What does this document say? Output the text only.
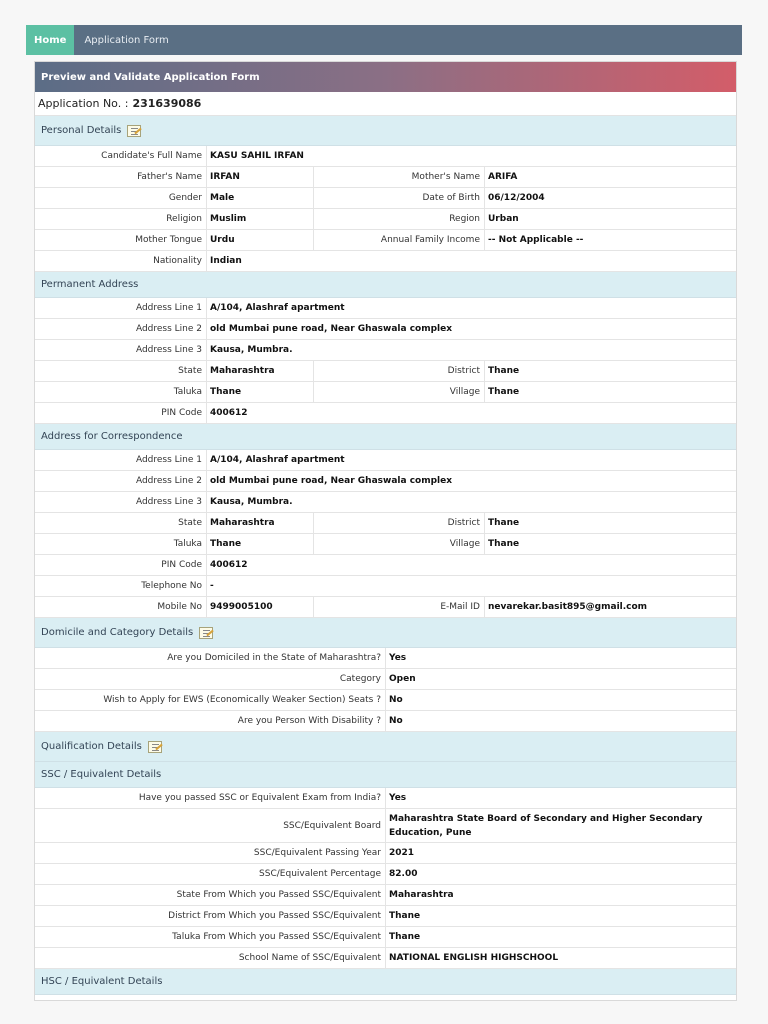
Home	Application Form
Preview and Validate Application Form
Application No. : 231639086
Personal Details
Candidate's Full Name KASU SAHIL IRFAN
Father's Name IRFAN	Mother's Name ARIFA
Gender Male	Date of Birth 06/12/2004
Religion Muslim	Region Urban
Mother Tongue Urdu	Annual Family Income -- Not Applicable --
Nationality Indian
Permanent Address
Address Line 1 A/104, Alashraf apartment
Address Line 2 old Mumbai pune road, Near Ghaswala complex
Address Line 3 Kausa, Mumbra.
State Maharashtra	District Thane
Taluka Thane	Village Thane
PIN Code 400612
Address for Correspondence
Address Line 1 A/104, Alashraf apartment
Address Line 2 old Mumbai pune road, Near Ghaswala complex
Address Line 3 Kausa, Mumbra.
State Maharashtra	District Thane
Taluka Thane	Village Thane
PIN Code 400612
Telephone No -
Mobile No 9499005100	E-Mail ID nevarekar.basit895@gmail.com
Domicile and Category Details
Are you Domiciled in the State of Maharashtra? Yes
Category Open
Wish to Apply for EWS (Economically Weaker Section) Seats ? No
Are you Person With Disability ? No
Qualification Details
SSC / Equivalent Details
Have you passed SSC or Equivalent Exam from India? Yes
SSC/Equivalent Board
Maharashtra State Board of Secondary and Higher Secondary Education, Pune
SSC/Equivalent Passing Year 2021
SSC/Equivalent Percentage 82.00
State From Which you Passed SSC/Equivalent Maharashtra
District From Which you Passed SSC/Equivalent Thane
Taluka From Which you Passed SSC/Equivalent Thane
School Name of SSC/Equivalent NATIONAL ENGLISH HIGHSCHOOL
HSC / Equivalent Details
